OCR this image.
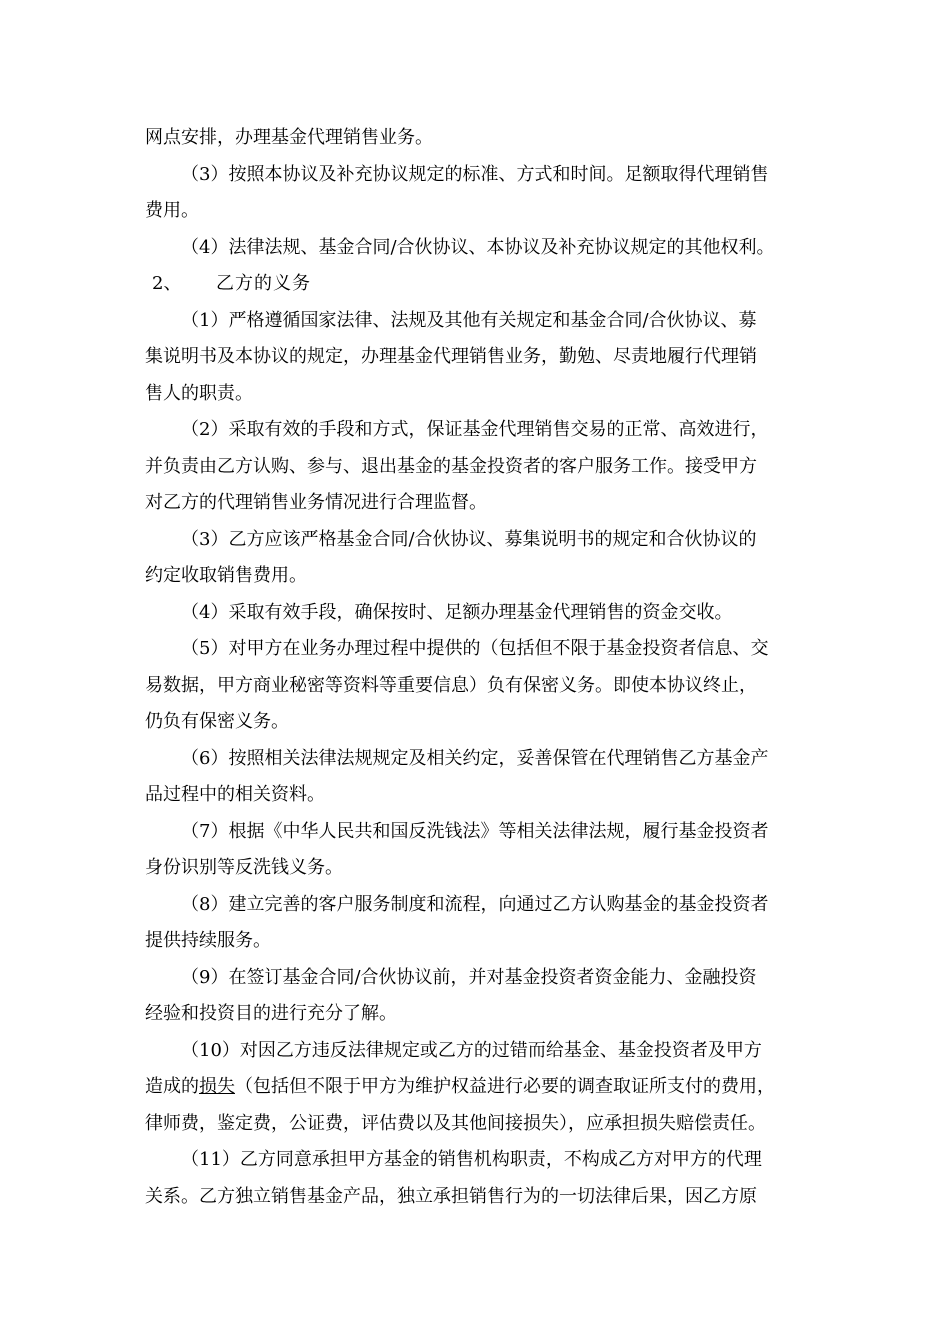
网点安排，办理基金代理销售业务。
（3）按照本协议及补充协议规定的标准、方式和时间。足额取得代理销售
费用。
（4）法律法规、基金合同/合伙协议、本协议及补充协议规定的其他权利。
2、 乙方的义务
（1）严格遵循国家法律、法规及其他有关规定和基金合同/合伙协议、募
集说明书及本协议的规定，办理基金代理销售业务，勤勉、尽责地履行代理销
售人的职责。
（2）采取有效的手段和方式，保证基金代理销售交易的正常、高效进行，
并负责由乙方认购、参与、退出基金的基金投资者的客户服务工作。接受甲方
对乙方的代理销售业务情况进行合理监督。
（3）乙方应该严格基金合同/合伙协议、募集说明书的规定和合伙协议的
约定收取销售费用。
（4）采取有效手段，确保按时、足额办理基金代理销售的资金交收。
（5）对甲方在业务办理过程中提供的（包括但不限于基金投资者信息、交
易数据，甲方商业秘密等资料等重要信息）负有保密义务。即使本协议终止，
仍负有保密义务。
（6）按照相关法律法规规定及相关约定，妥善保管在代理销售乙方基金产
品过程中的相关资料。
（7）根据《中华人民共和国反洗钱法》等相关法律法规，履行基金投资者
身份识别等反洗钱义务。
（8）建立完善的客户服务制度和流程，向通过乙方认购基金的基金投资者
提供持续服务。
（9）在签订基金合同/合伙协议前，并对基金投资者资金能力、金融投资
经验和投资目的进行充分了解。
（10）对因乙方违反法律规定或乙方的过错而给基金、基金投资者及甲方
造成的损失（包括但不限于甲方为维护权益进行必要的调查取证所支付的费用，
律师费，鉴定费，公证费，评估费以及其他间接损失），应承担损失赔偿责任。
（11）乙方同意承担甲方基金的销售机构职责，不构成乙方对甲方的代理
关系。乙方独立销售基金产品，独立承担销售行为的一切法律后果，因乙方原
